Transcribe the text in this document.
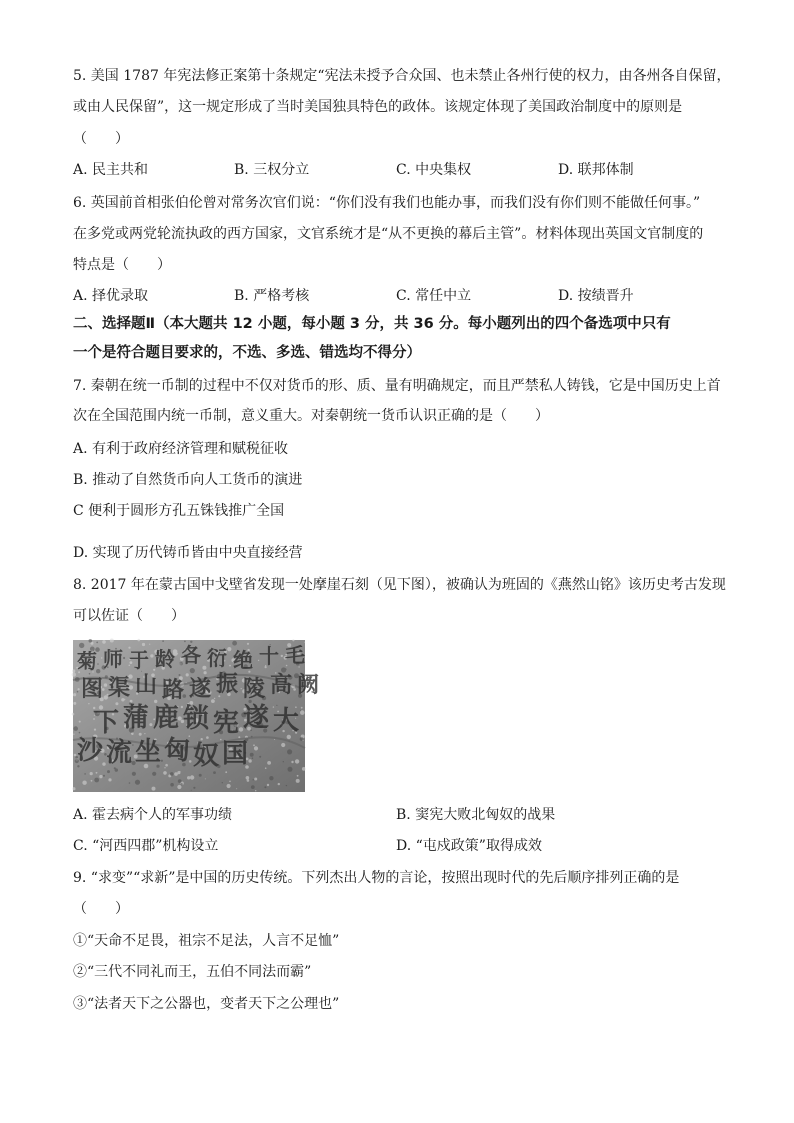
5. 美国 1787 年宪法修正案第十条规定“宪法未授予合众国、也未禁止各州行使的权力，由各州各自保留，
或由人民保留”，这一规定形成了当时美国独具特色的政体。该规定体现了美国政治制度中的原则是
（　　）
A. 民主共和	B. 三权分立	C. 中央集权	D. 联邦体制
6. 英国前首相张伯伦曾对常务次官们说：“你们没有我们也能办事，而我们没有你们则不能做任何事。”
在多党或两党轮流执政的西方国家，文官系统才是“从不更换的幕后主管”。材料体现出英国文官制度的
特点是（　　）
A. 择优录取	B. 严格考核	C. 常任中立	D. 按绩晋升
二、选择题Ⅱ（本大题共 12 小题，每小题 3 分，共 36 分。每小题列出的四个备选项中只有
一个是符合题目要求的，不选、多选、错选均不得分）
7. 秦朝在统一币制的过程中不仅对货币的形、质、量有明确规定，而且严禁私人铸钱，它是中国历史上首
次在全国范围内统一币制，意义重大。对秦朝统一货币认识正确的是（　　）
A. 有利于政府经济管理和赋税征收
B. 推动了自然货币向人工货币的演进
C 便利于圆形方孔五铢钱推广全国
D. 实现了历代铸币皆由中央直接经营
8. 2017 年在蒙古国中戈壁省发现一处摩崖石刻（见下图），被确认为班固的《燕然山铭》该历史考古发现
可以佐证（　　）
菊 师 于 龄 各 衍 绝 十 毛
图 渠 山 路 遂 振 陵 高 阙
下 蒲 鹿 锁 宪 遂 大
沙 流 坐 匈 奴 国
A. 霍去病个人的军事功绩	B. 窦宪大败北匈奴的战果
C. “河西四郡”机构设立	D. “屯戍政策”取得成效
9. “求变”“求新”是中国的历史传统。下列杰出人物的言论，按照出现时代的先后顺序排列正确的是
（　　）
①“天命不足畏，祖宗不足法，人言不足恤”
②“三代不同礼而王，五伯不同法而霸”
③“法者天下之公器也，变者天下之公理也”
